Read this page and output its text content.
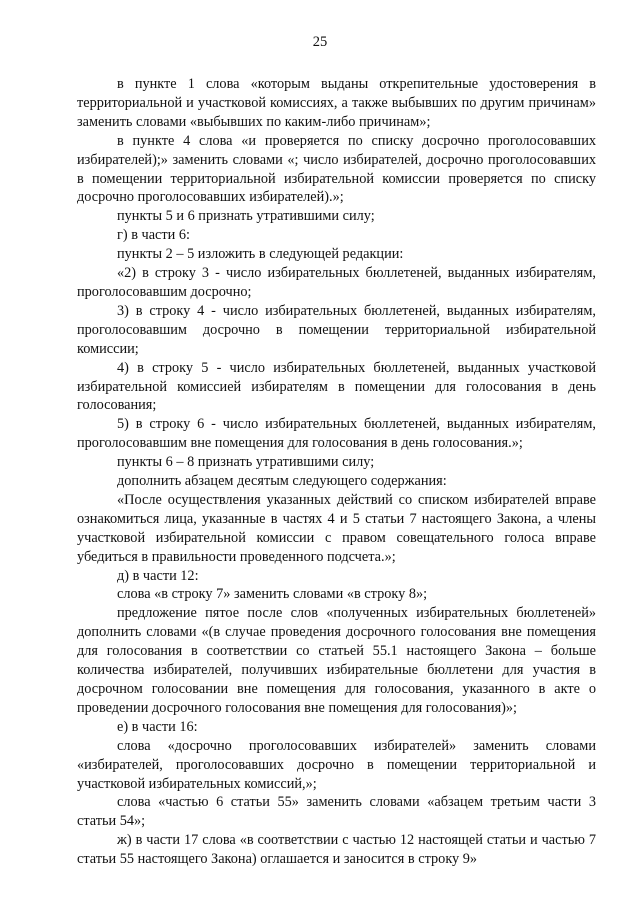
25

в пункте 1 слова «которым выданы открепительные удостоверения в территориальной и участковой комиссиях, а также выбывших по другим причинам» заменить словами «выбывших по каким-либо причинам»;

в пункте 4 слова «и проверяется по списку досрочно проголосовавших избирателей);» заменить словами «; число избирателей, досрочно проголосовавших в помещении территориальной избирательной комиссии проверяется по списку досрочно проголосовавших избирателей).»;

пункты 5 и 6 признать утратившими силу;

г) в части 6:

пункты 2 – 5 изложить в следующей редакции:

«2) в строку 3 - число избирательных бюллетеней, выданных избирателям, проголосовавшим досрочно;

3) в строку 4 - число избирательных бюллетеней, выданных избирателям, проголосовавшим досрочно в помещении территориальной избирательной комиссии;

4) в строку 5 - число избирательных бюллетеней, выданных участковой избирательной комиссией избирателям в помещении для голосования в день голосования;

5) в строку 6 - число избирательных бюллетеней, выданных избирателям, проголосовавшим вне помещения для голосования в день голосования.»;

пункты 6 – 8 признать утратившими силу;

дополнить абзацем десятым следующего содержания:

«После осуществления указанных действий со списком избирателей вправе ознакомиться лица, указанные в частях 4 и 5 статьи 7 настоящего Закона, а члены участковой избирательной комиссии с правом совещательного голоса вправе убедиться в правильности проведенного подсчета.»;

д) в части 12:

слова «в строку 7» заменить словами «в строку 8»;

предложение пятое после слов «полученных избирательных бюллетеней» дополнить словами «(в случае проведения досрочного голосования вне помещения для голосования в соответствии со статьей 55.1 настоящего Закона – больше количества избирателей, получивших избирательные бюллетени для участия в досрочном голосовании вне помещения для голосования, указанного в акте о проведении досрочного голосования вне помещения для голосования)»;

е) в части 16:

слова «досрочно проголосовавших избирателей» заменить словами «избирателей, проголосовавших досрочно в помещении территориальной и участковой избирательных комиссий,»;

слова «частью 6 статьи 55» заменить словами «абзацем третьим части 3 статьи 54»;

ж) в части 17 слова «в соответствии с частью 12 настоящей статьи и частью 7 статьи 55 настоящего Закона) оглашается и заносится в строку 9»
